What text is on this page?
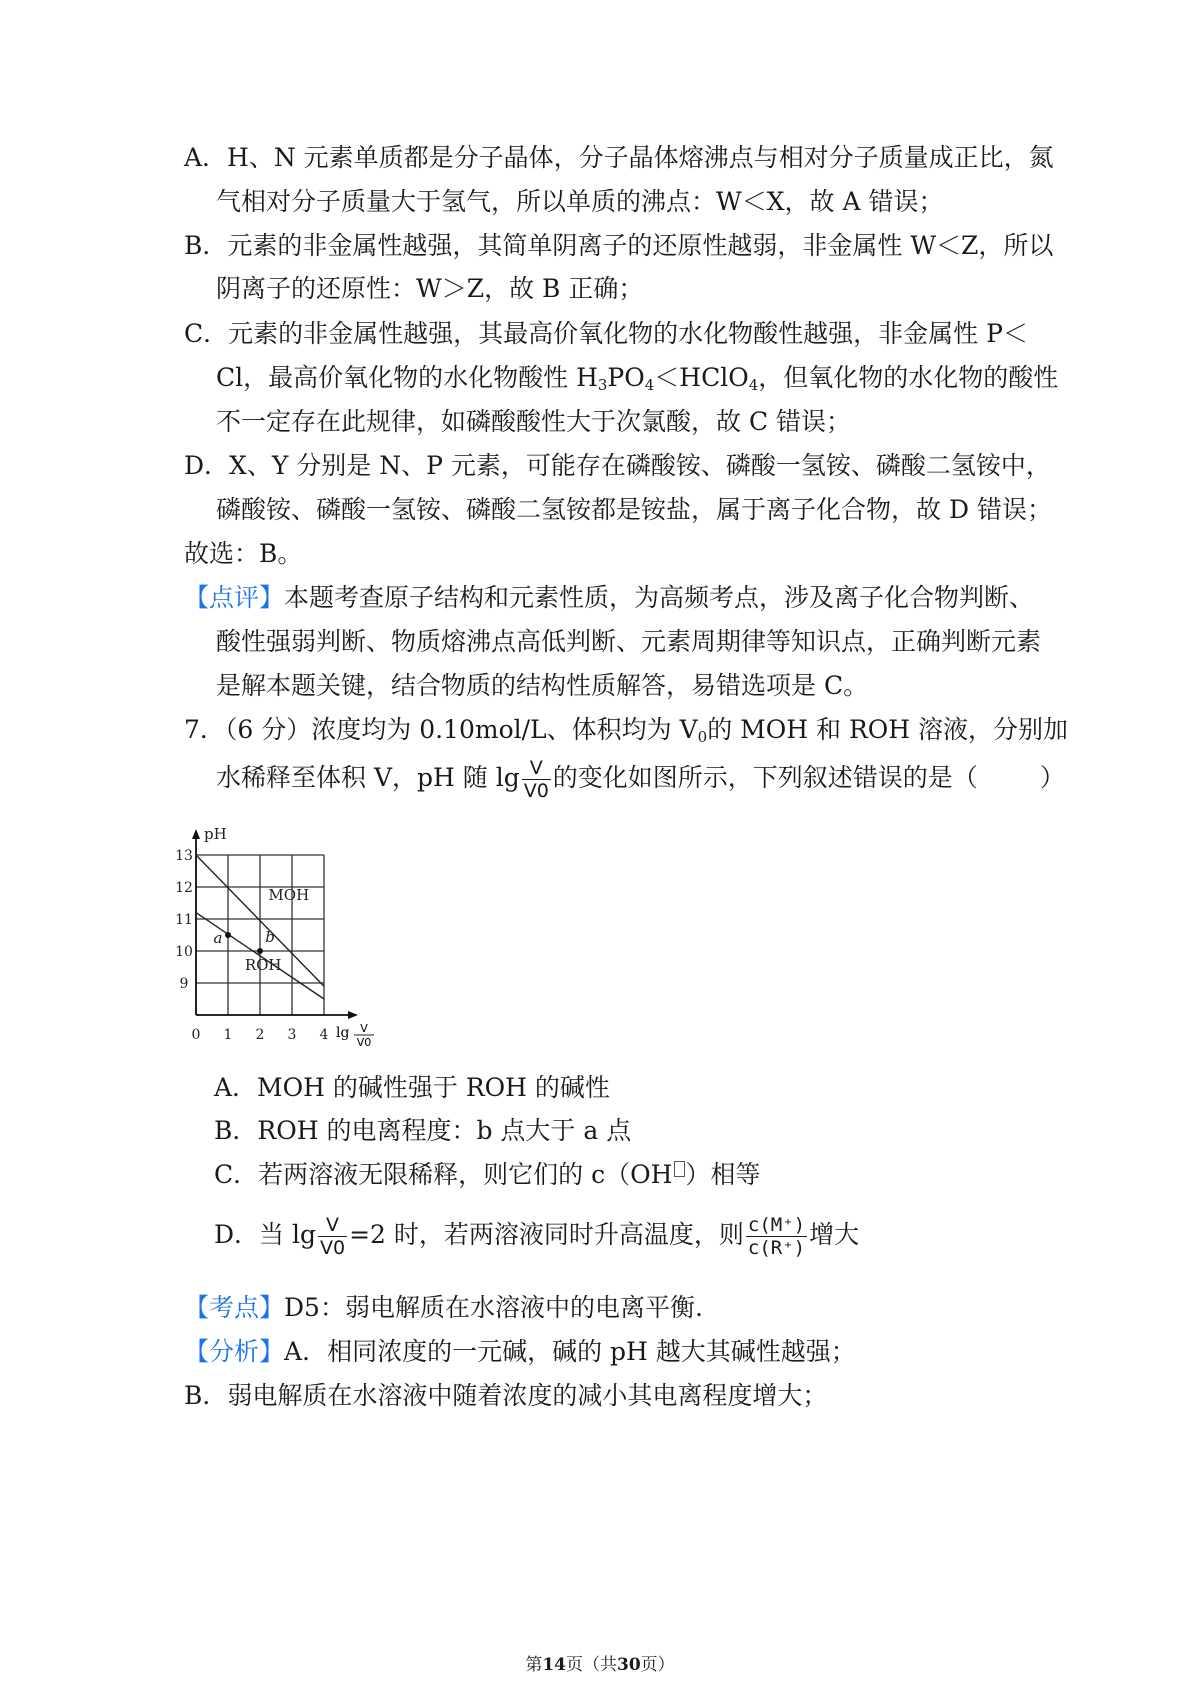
A．H、N 元素单质都是分子晶体，分子晶体熔沸点与相对分子质量成正比，氮
气相对分子质量大于氢气，所以单质的沸点：W＜X，故 A 错误；
B．元素的非金属性越强，其简单阴离子的还原性越弱，非金属性 W＜Z，所以
阴离子的还原性：W＞Z，故 B 正确；
C．元素的非金属性越强，其最高价氧化物的水化物酸性越强，非金属性 P＜
Cl，最高价氧化物的水化物酸性 $H_3PO_4<HClO_4$，但氧化物的水化物的酸性
不一定存在此规律，如磷酸酸性大于次氯酸，故 C 错误；
D．X、Y 分别是 N、P 元素，可能存在磷酸铵、磷酸一氢铵、磷酸二氢铵中，
磷酸铵、磷酸一氢铵、磷酸二氢铵都是铵盐，属于离子化合物，故 D 错误；
故选：B。
【点评】本题考查原子结构和元素性质，为高频考点，涉及离子化合物判断、
酸性强弱判断、物质熔沸点高低判断、元素周期律等知识点，正确判断元素
是解本题关键，结合物质的结构性质解答，易错选项是 C。
7．（6 分）浓度均为 0.10mol/L、体积均为 $V_0$的 MOH 和 ROH 溶液，分别加
水稀释至体积 V，pH 随 $\lg \frac{V}{V0}$ 的变化如图所示，下列叙述错误的是（ ）
pH
lg V
V0
0 1 2 3 4
9
10
11
12
13
MOH
ROH
a	b
A．MOH 的碱性强于 ROH 的碱性
B．ROH 的电离程度：b 点大于 a 点
C．若两溶液无限稀释，则它们的 c（OH ）相等
D．当 $\lg \frac{V}{V0} =2$ 时，若两溶液同时升高温度，则 $\frac{c(M^+)}{c(R^+)}$ 增大
【考点】D5：弱电解质在水溶液中的电离平衡.
【分析】A．相同浓度的一元碱，碱的 pH 越大其碱性越强；
B．弱电解质在水溶液中随着浓度的减小其电离程度增大；
第14页（共30页）
